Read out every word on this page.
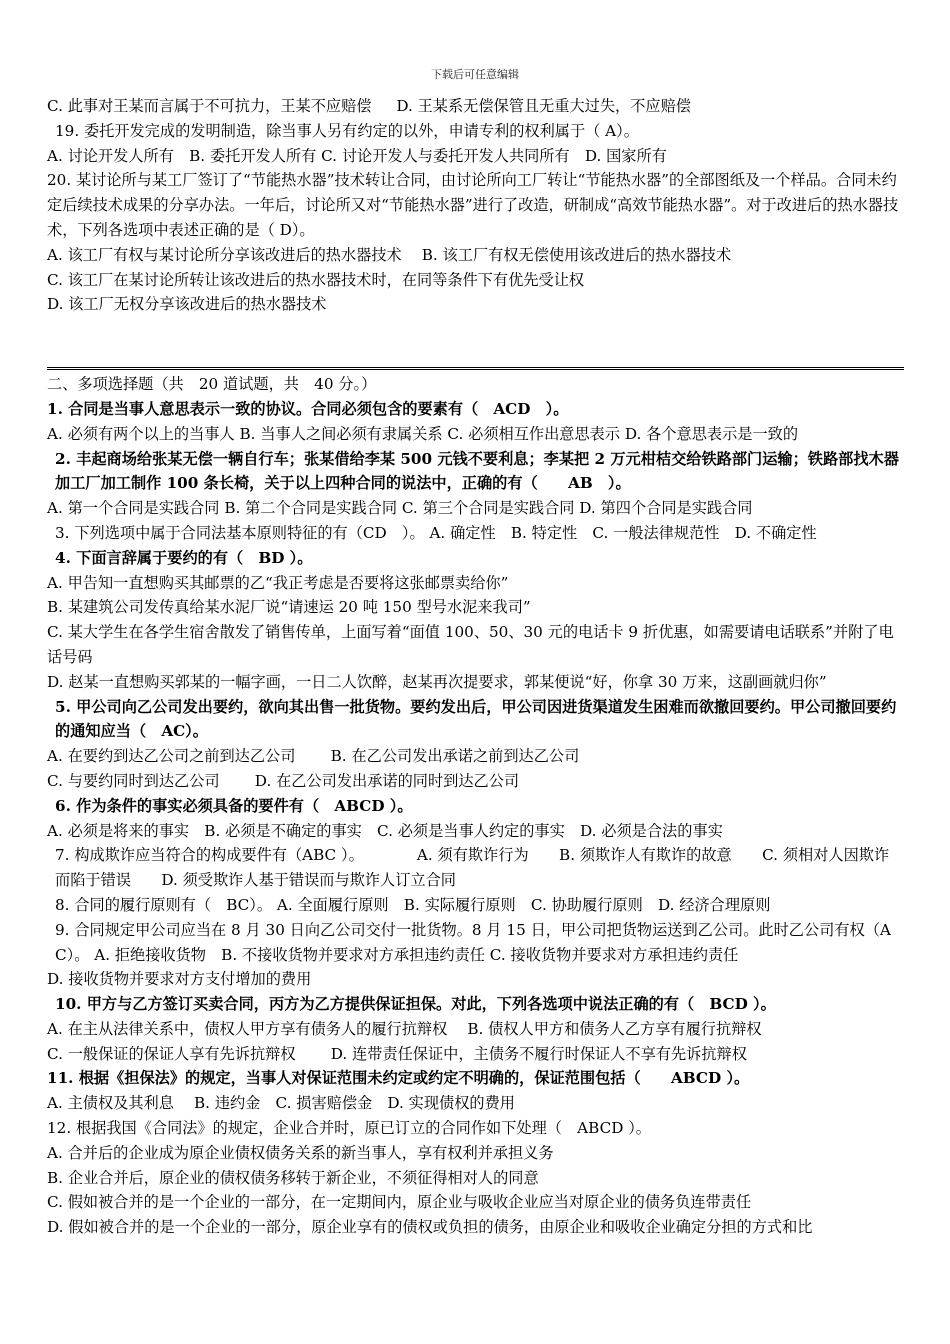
下载后可任意编辑

C. 此事对王某而言属于不可抗力，王某不应赔偿 　 D. 王某系无偿保管且无重大过失，不应赔偿

19. 委托开发完成的发明制造，除当事人另有约定的以外，申请专利的权利属于（ A）。

A. 讨论开发人所有　B. 委托开发人所有 C. 讨论开发人与委托开发人共同所有　D. 国家所有

20. 某讨论所与某工厂签订了“节能热水器”技术转让合同，由讨论所向工厂转让“节能热水器”的全部图纸及一个样品。合同未约定后续技术成果的分享办法。一年后，讨论所又对“节能热水器”进行了改造，研制成“高效节能热水器”。对于改进后的热水器技术，下列各选项中表述正确的是（ D）。

A. 该工厂有权与某讨论所分享该改进后的热水器技术　 B. 该工厂有权无偿使用该改进后的热水器技术

C. 该工厂在某讨论所转让该改进后的热水器技术时，在同等条件下有优先受让权

D. 该工厂无权分享该改进后的热水器技术

二、多项选择题（共　20 道试题，共　40 分。）

1. 合同是当事人意思表示一致的协议。合同必须包含的要素有（　ACD　）。

A. 必须有两个以上的当事人 B. 当事人之间必须有隶属关系 C. 必须相互作出意思表示 D. 各个意思表示是一致的

2. 丰起商场给张某无偿一辆自行车；张某借给李某 500 元钱不要利息；李某把 2 万元柑桔交给铁路部门运输；铁路部找木器加工厂加工制作 100 条长椅，关于以上四种合同的说法中，正确的有（　　AB　）。

A. 第一个合同是实践合同 B. 第二个合同是实践合同 C. 第三个合同是实践合同 D. 第四个合同是实践合同

3. 下列选项中属于合同法基本原则特征的有（CD　）。 A. 确定性　B. 特定性　C. 一般法律规范性　D. 不确定性

4. 下面言辞属于要约的有（　BD ）。

A. 甲告知一直想购买其邮票的乙“我正考虑是否要将这张邮票卖给你”

B. 某建筑公司发传真给某水泥厂说“请速运 20 吨 150 型号水泥来我司”

C. 某大学生在各学生宿舍散发了销售传单，上面写着“面值 100、50、30 元的电话卡 9 折优惠，如需要请电话联系”并附了电话号码

D. 赵某一直想购买郭某的一幅字画，一日二人饮醉，赵某再次提要求，郭某便说“好，你拿 30 万来，这副画就归你”

5. 甲公司向乙公司发出要约，欲向其出售一批货物。要约发出后，甲公司因进货渠道发生困难而欲撤回要约。甲公司撤回要约的通知应当（　AC）。

A. 在要约到达乙公司之前到达乙公司 　　B. 在乙公司发出承诺之前到达乙公司

C. 与要约同时到达乙公司 　　D. 在乙公司发出承诺的同时到达乙公司

6. 作为条件的事实必须具备的要件有（　ABCD ）。

A. 必须是将来的事实　B. 必须是不确定的事实　C. 必须是当事人约定的事实　D. 必须是合法的事实

7. 构成欺诈应当符合的构成要件有（ABC ）。　　　　A. 须有欺诈行为　　B. 须欺诈人有欺诈的故意　　C. 须相对人因欺诈而陷于错误　　D. 须受欺诈人基于错误而与欺诈人订立合同

8. 合同的履行原则有（　BC）。 A. 全面履行原则　B. 实际履行原则　C. 协助履行原则　D. 经济合理原则

9. 合同规定甲公司应当在 8 月 30 日向乙公司交付一批货物。8 月 15 日，甲公司把货物运送到乙公司。此时乙公司有权（AC）。 A. 拒绝接收货物　B. 不接收货物并要求对方承担违约责任 C. 接收货物并要求对方承担违约责任

D. 接收货物并要求对方支付增加的费用

10. 甲方与乙方签订买卖合同，丙方为乙方提供保证担保。对此，下列各选项中说法正确的有（　BCD ）。

A. 在主从法律关系中，债权人甲方享有债务人的履行抗辩权　 B. 债权人甲方和债务人乙方享有履行抗辩权

C. 一般保证的保证人享有先诉抗辩权 　　D. 连带责任保证中，主债务不履行时保证人不享有先诉抗辩权

11. 根据《担保法》的规定，当事人对保证范围未约定或约定不明确的，保证范围包括（　　ABCD ）。

A. 主债权及其利息　 B. 违约金　C. 损害赔偿金　D. 实现债权的费用

12. 根据我国《合同法》的规定，企业合并时，原已订立的合同作如下处理（　ABCD ）。

A. 合并后的企业成为原企业债权债务关系的新当事人，享有权利并承担义务

B. 企业合并后，原企业的债权债务移转于新企业，不须征得相对人的同意

C. 假如被合并的是一个企业的一部分，在一定期间内，原企业与吸收企业应当对原企业的债务负连带责任

D. 假如被合并的是一个企业的一部分，原企业享有的债权或负担的债务，由原企业和吸收企业确定分担的方式和比
